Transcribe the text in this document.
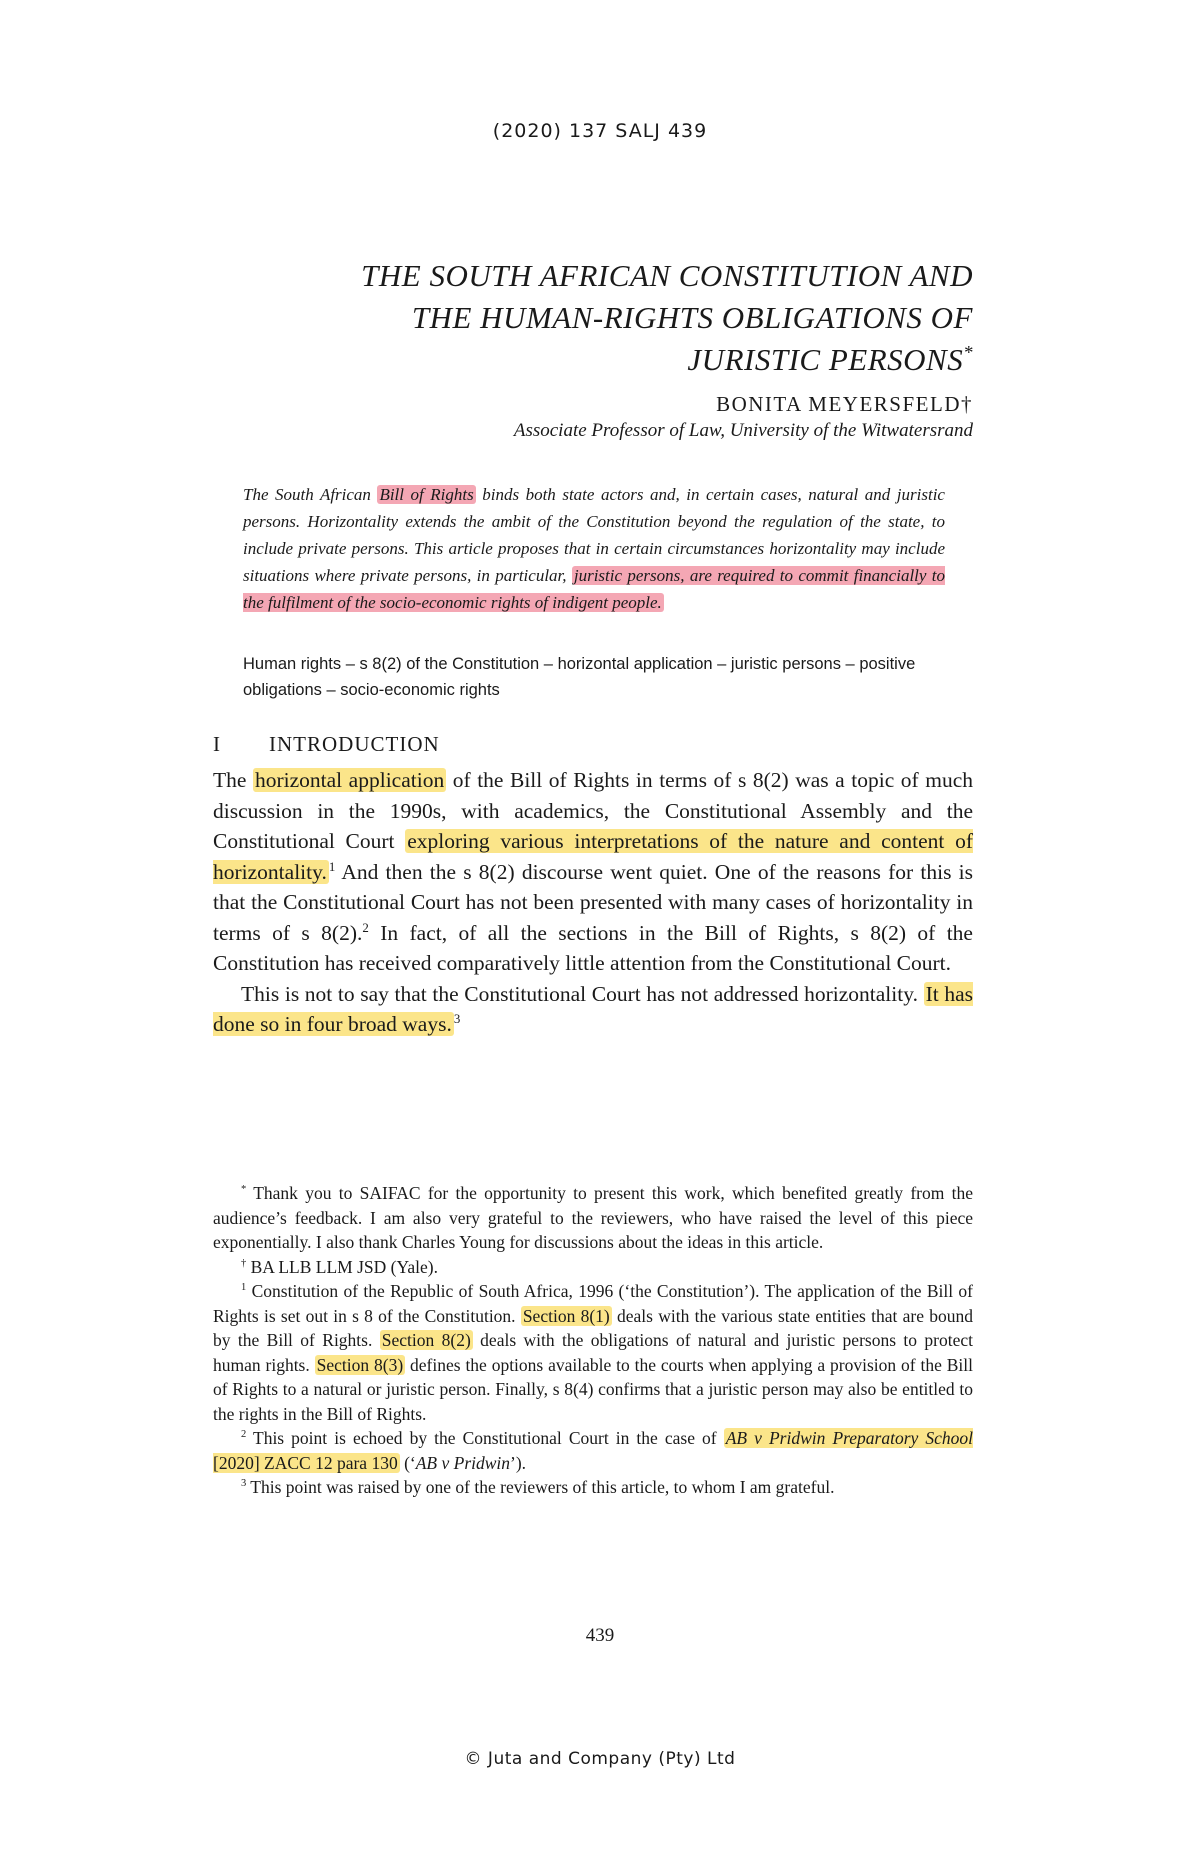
(2020) 137 SALJ 439
THE SOUTH AFRICAN CONSTITUTION AND
THE HUMAN-RIGHTS OBLIGATIONS OF
JURISTIC PERSONS*
BONITA MEYERSFELD†
Associate Professor of Law, University of the Witwatersrand
The South African Bill of Rights binds both state actors and, in certain cases, natural and juristic persons. Horizontality extends the ambit of the Constitution beyond the regulation of the state, to include private persons. This article proposes that in certain circumstances horizontality may include situations where private persons, in particular, juristic persons, are required to commit financially to the fulfilment of the socio-economic rights of indigent people.
Human rights – s 8(2) of the Constitution – horizontal application – juristic persons – positive obligations – socio-economic rights
I INTRODUCTION

The horizontal application of the Bill of Rights in terms of s 8(2) was a topic of much discussion in the 1990s, with academics, the Constitutional Assembly and the Constitutional Court exploring various interpretations of the nature and content of horizontality. $^1$ And then the s 8(2) discourse went quiet. One of the reasons for this is that the Constitutional Court has not been presented with many cases of horizontality in terms of s 8(2).$^2$ In fact, of all the sections in the Bill of Rights, s 8(2) of the Constitution has received comparatively little attention from the Constitutional Court.

This is not to say that the Constitutional Court has not addressed horizontality. It has done so in four broad ways. $^3$

* Thank you to SAIFAC for the opportunity to present this work, which benefited greatly from the audience’s feedback. I am also very grateful to the reviewers, who have raised the level of this piece exponentially. I also thank Charles Young for discussions about the ideas in this article.

† BA LLB LLM JSD (Yale).

$^1$ Constitution of the Republic of South Africa, 1996 (‘the Constitution’). The application of the Bill of Rights is set out in s 8 of the Constitution. Section 8(1) deals with the various state entities that are bound by the Bill of Rights. Section 8(2) deals with the obligations of natural and juristic persons to protect human rights. Section 8(3) defines the options available to the courts when applying a provision of the Bill of Rights to a natural or juristic person. Finally, s 8(4) confirms that a juristic person may also be entitled to the rights in the Bill of Rights.

$^2$ This point is echoed by the Constitutional Court in the case of AB v Pridwin Preparatory School [2020] ZACC 12 para 130 (‘AB v Pridwin’).

$^3$ This point was raised by one of the reviewers of this article, to whom I am grateful.

439
© Juta and Company (Pty) Ltd
